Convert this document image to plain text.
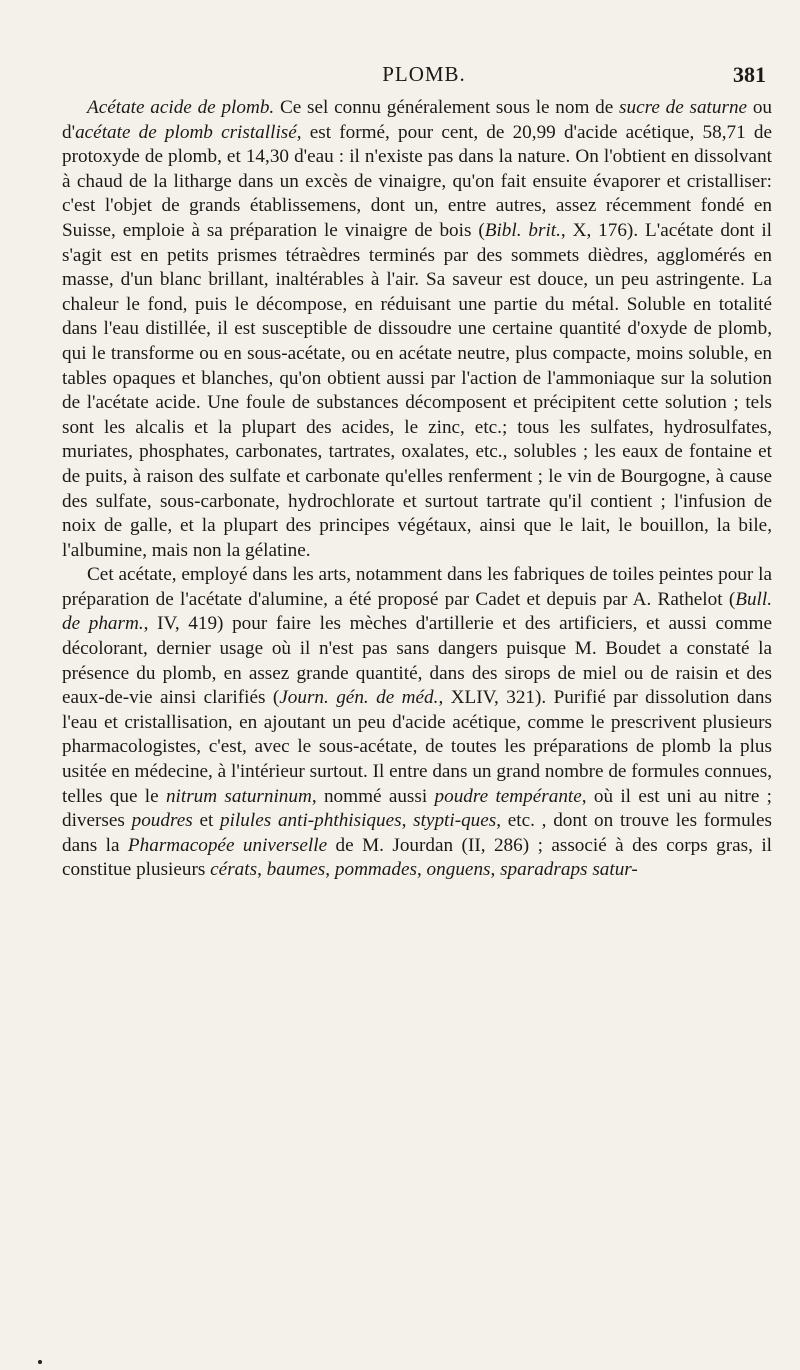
PLOMB.	381

Acétate acide de plomb. Ce sel connu généralement sous le nom de sucre de saturne ou d'acétate de plomb cristallisé, est formé, pour cent, de 20,99 d'acide acétique, 58,71 de protoxyde de plomb, et 14,30 d'eau : il n'existe pas dans la nature. On l'obtient en dissolvant à chaud de la litharge dans un excès de vinaigre, qu'on fait ensuite évaporer et cristalliser: c'est l'objet de grands établissemens, dont un, entre autres, assez récemment fondé en Suisse, emploie à sa préparation le vinaigre de bois (Bibl. brit., X, 176). L'acétate dont il s'agit est en petits prismes tétraèdres terminés par des sommets dièdres, agglomérés en masse, d'un blanc brillant, inaltérables à l'air. Sa saveur est douce, un peu astringente. La chaleur le fond, puis le décompose, en réduisant une partie du métal. Soluble en totalité dans l'eau distillée, il est susceptible de dissoudre une certaine quantité d'oxyde de plomb, qui le transforme ou en sous-acétate, ou en acétate neutre, plus compacte, moins soluble, en tables opaques et blanches, qu'on obtient aussi par l'action de l'ammoniaque sur la solution de l'acétate acide. Une foule de substances décomposent et précipitent cette solution ; tels sont les alcalis et la plupart des acides, le zinc, etc.; tous les sulfates, hydrosulfates, muriates, phosphates, carbonates, tartrates, oxalates, etc., solubles ; les eaux de fontaine et de puits, à raison des sulfate et carbonate qu'elles renferment ; le vin de Bourgogne, à cause des sulfate, sous-carbonate, hydrochlorate et surtout tartrate qu'il contient ; l'infusion de noix de galle, et la plupart des principes végétaux, ainsi que le lait, le bouillon, la bile, l'albumine, mais non la gélatine.

Cet acétate, employé dans les arts, notamment dans les fabriques de toiles peintes pour la préparation de l'acétate d'alumine, a été proposé par Cadet et depuis par A. Rathelot (Bull. de pharm., IV, 419) pour faire les mèches d'artillerie et des artificiers, et aussi comme décolorant, dernier usage où il n'est pas sans dangers puisque M. Boudet a constaté la présence du plomb, en assez grande quantité, dans des sirops de miel ou de raisin et des eaux-de-vie ainsi clarifiés (Journ. gén. de méd., XLIV, 321). Purifié par dissolution dans l'eau et cristallisation, en ajoutant un peu d'acide acétique, comme le prescrivent plusieurs pharmacologistes, c'est, avec le sous-acétate, de toutes les préparations de plomb la plus usitée en médecine, à l'intérieur surtout. Il entre dans un grand nombre de formules connues, telles que le nitrum saturninum, nommé aussi poudre tempérante, où il est uni au nitre ; diverses poudres et pilules anti-phthisiques, stypti-ques, etc. , dont on trouve les formules dans la Pharmacopée universelle de M. Jourdan (II, 286) ; associé à des corps gras, il constitue plusieurs cérats, baumes, pommades, onguens, sparadraps satur-
